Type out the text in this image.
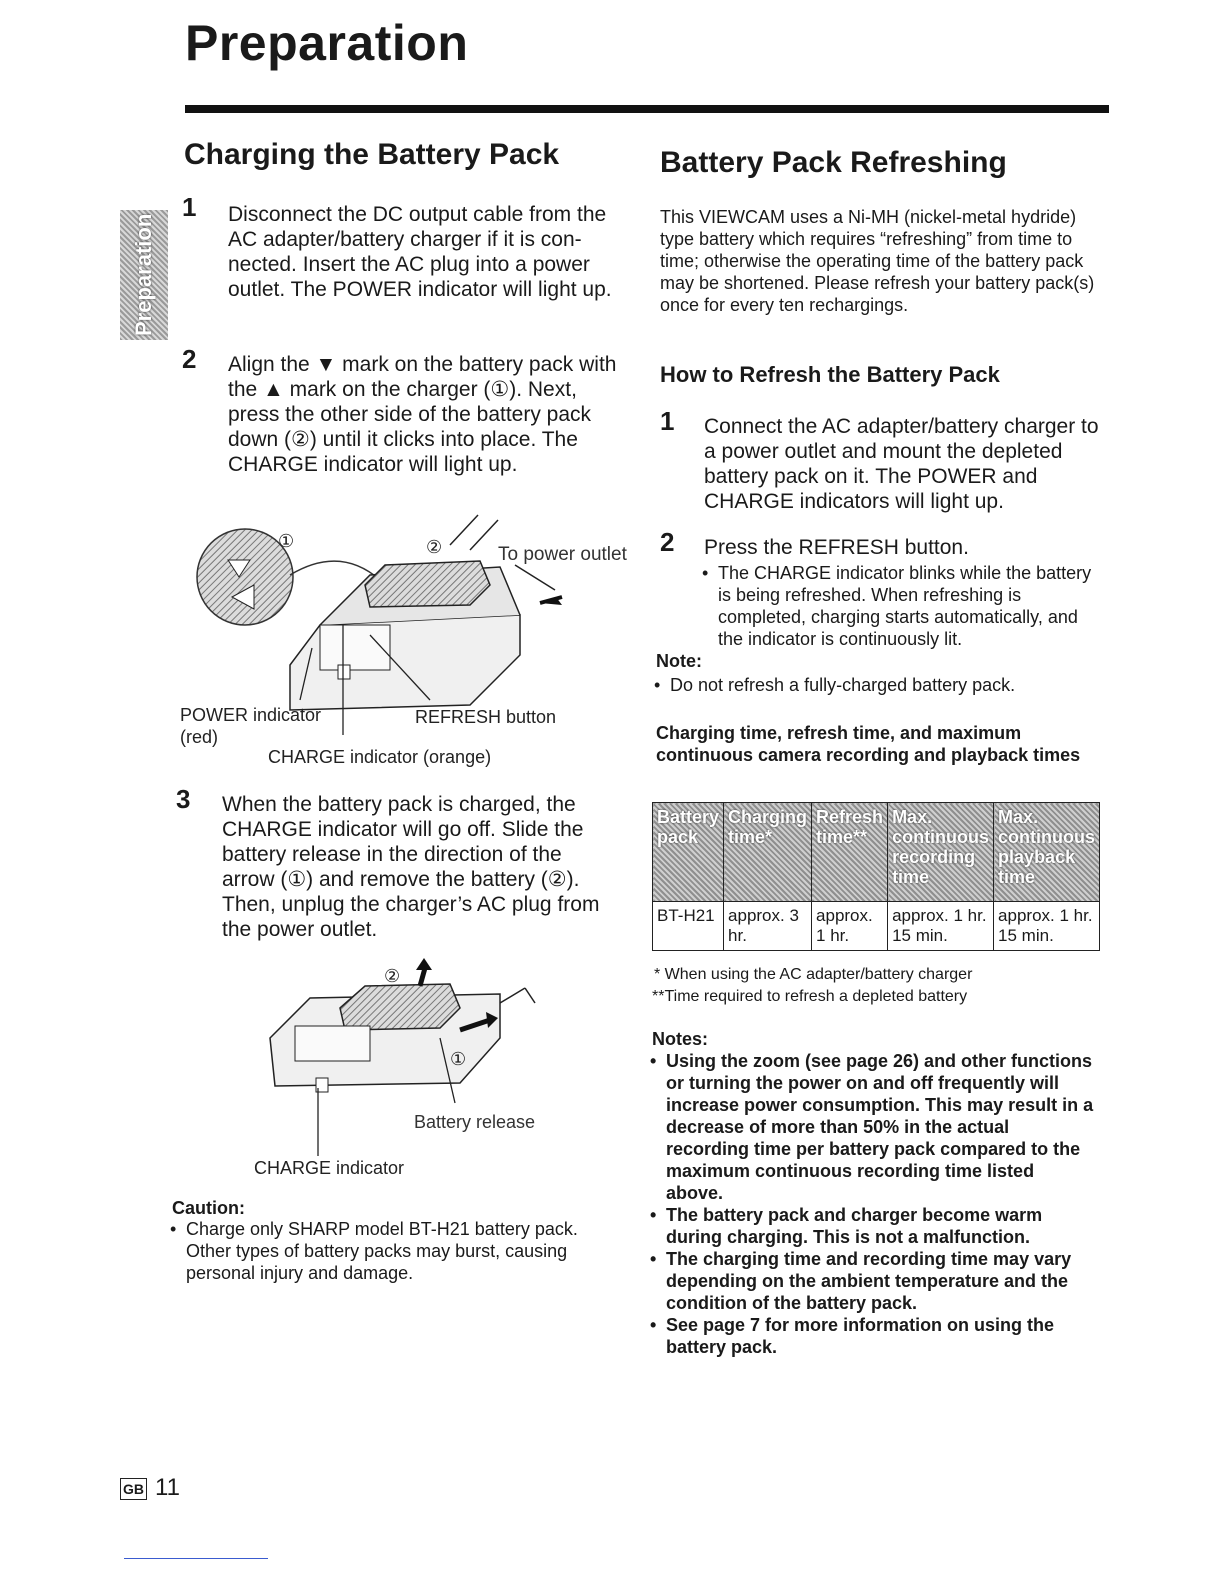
Preparation
Preparation
Charging the Battery Pack
1 Disconnect the DC output cable from the AC adapter/battery charger if it is con-nected. Insert the AC plug into a power outlet. The POWER indicator will light up.
2 Align the ▼ mark on the battery pack with the ▲ mark on the charger (①). Next, press the other side of the battery pack down (②) until it clicks into place. The CHARGE indicator will light up.
①	②	To power outlet
POWER indicator
(red)
REFRESH button
CHARGE indicator (orange)
3 When the battery pack is charged, the CHARGE indicator will go off. Slide the battery release in the direction of the arrow (①) and remove the battery (②). Then, unplug the charger’s AC plug from the power outlet.
②
①
Battery release
CHARGE indicator
Caution:
• Charge only SHARP model BT-H21 battery pack. Other types of battery packs may burst, causing personal injury and damage.
Battery Pack Refreshing
This VIEWCAM uses a Ni-MH (nickel-metal hydride) type battery which requires “refreshing” from time to time; otherwise the operating time of the battery pack may be shortened. Please refresh your battery pack(s) once for every ten rechargings.
How to Refresh the Battery Pack
1 Connect the AC adapter/battery charger to a power outlet and mount the depleted battery pack on it. The POWER and CHARGE indicators will light up.
2 Press the REFRESH button.
• The CHARGE indicator blinks while the battery is being refreshed. When refreshing is completed, charging starts automatically, and the indicator is continuously lit.
Note:
• Do not refresh a fully-charged battery pack.
Charging time, refresh time, and maximum continuous camera recording and playback times
Battery pack	Charging time*	Refresh time**	Max. continuous recording time	Max. continuous playback time
BT-H21	approx. 3 hr.	approx. 1 hr.	approx. 1 hr. 15 min.	approx. 1 hr. 15 min.
* When using the AC adapter/battery charger
**Time required to refresh a depleted battery
Notes:
• Using the zoom (see page 26) and other functions or turning the power on and off frequently will increase power consumption. This may result in a decrease of more than 50% in the actual recording time per battery pack compared to the maximum continuous recording time listed above.
• The battery pack and charger become warm during charging. This is not a malfunction.
• The charging time and recording time may vary depending on the ambient temperature and the condition of the battery pack.
• See page 7 for more information on using the battery pack.
GB 11
